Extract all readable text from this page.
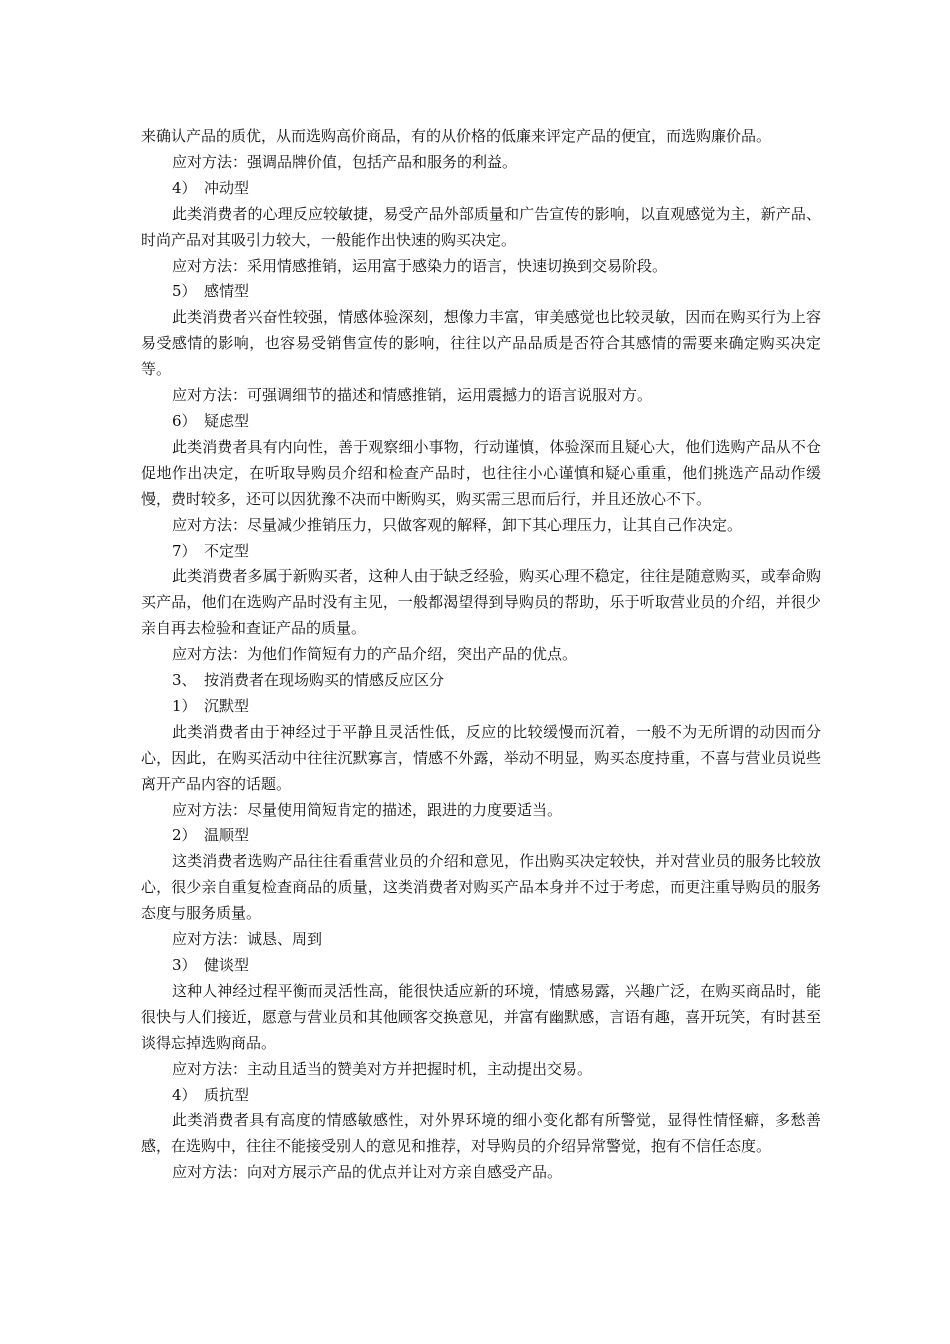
来确认产品的质优，从而选购高价商品，有的从价格的低廉来评定产品的便宜，而选购廉价品。

应对方法：强调品牌价值，包括产品和服务的利益。

4）　冲动型

此类消费者的心理反应较敏捷，易受产品外部质量和广告宣传的影响，以直观感觉为主，新产品、时尚产品对其吸引力较大，一般能作出快速的购买决定。

应对方法：采用情感推销，运用富于感染力的语言，快速切换到交易阶段。

5）　感情型

此类消费者兴奋性较强，情感体验深刻，想像力丰富，审美感觉也比较灵敏，因而在购买行为上容易受感情的影响，也容易受销售宣传的影响，往往以产品品质是否符合其感情的需要来确定购买决定等。

应对方法：可强调细节的描述和情感推销，运用震撼力的语言说服对方。

6）　疑虑型

此类消费者具有内向性，善于观察细小事物，行动谨慎，体验深而且疑心大，他们选购产品从不仓促地作出决定，在听取导购员介绍和检查产品时，也往往小心谨慎和疑心重重，他们挑选产品动作缓慢，费时较多，还可以因犹豫不决而中断购买，购买需三思而后行，并且还放心不下。

应对方法：尽量减少推销压力，只做客观的解释，卸下其心理压力，让其自己作决定。

7）　不定型

此类消费者多属于新购买者，这种人由于缺乏经验，购买心理不稳定，往往是随意购买，或奉命购买产品，他们在选购产品时没有主见，一般都渴望得到导购员的帮助，乐于听取营业员的介绍，并很少亲自再去检验和查证产品的质量。

应对方法：为他们作简短有力的产品介绍，突出产品的优点。

3、　按消费者在现场购买的情感反应区分

1）　沉默型

此类消费者由于神经过于平静且灵活性低，反应的比较缓慢而沉着，一般不为无所谓的动因而分心，因此，在购买活动中往往沉默寡言，情感不外露，举动不明显，购买态度持重，不喜与营业员说些离开产品内容的话题。

应对方法：尽量使用简短肯定的描述，跟进的力度要适当。

2）　温顺型

这类消费者选购产品往往看重营业员的介绍和意见，作出购买决定较快，并对营业员的服务比较放心，很少亲自重复检查商品的质量，这类消费者对购买产品本身并不过于考虑，而更注重导购员的服务态度与服务质量。

应对方法：诚恳、周到

3）　健谈型

这种人神经过程平衡而灵活性高，能很快适应新的环境，情感易露，兴趣广泛，在购买商品时，能很快与人们接近，愿意与营业员和其他顾客交换意见，并富有幽默感，言语有趣，喜开玩笑，有时甚至谈得忘掉选购商品。

应对方法：主动且适当的赞美对方并把握时机，主动提出交易。

4）　质抗型

此类消费者具有高度的情感敏感性，对外界环境的细小变化都有所警觉，显得性情怪癖，多愁善感，在选购中，往往不能接受别人的意见和推荐，对导购员的介绍异常警觉，抱有不信任态度。

应对方法：向对方展示产品的优点并让对方亲自感受产品。
